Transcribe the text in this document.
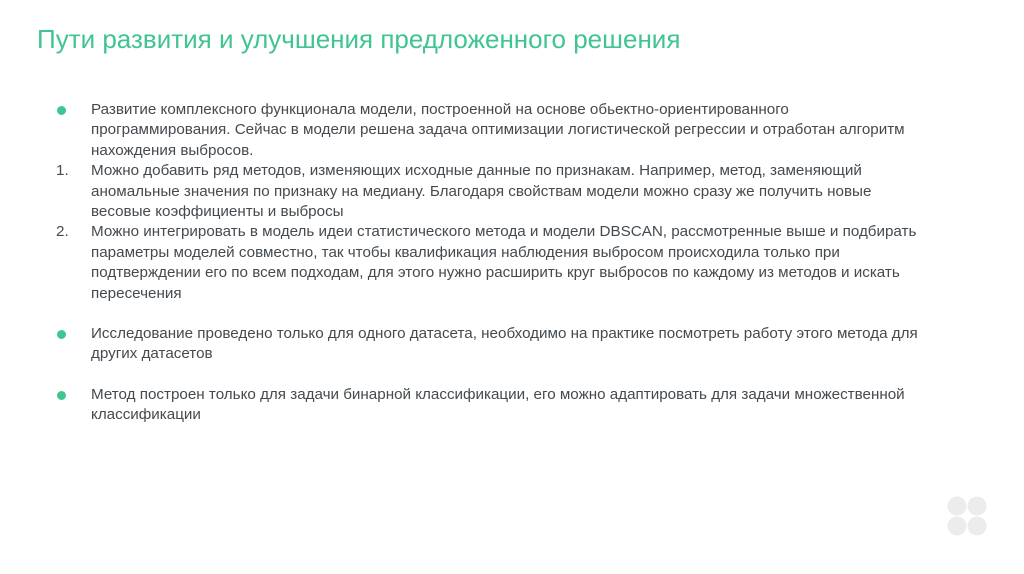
Пути развития и улучшения предложенного решения
Развитие комплексного функционала модели, построенной на основе обьектно-ориентированного программирования. Сейчас в модели решена задача оптимизации логистической регрессии и отработан алгоритм нахождения выбросов.
1. Можно добавить ряд методов, изменяющих исходные данные по признакам. Например, метод, заменяющий аномальные значения по признаку на медиану. Благодаря свойствам модели можно сразу же получить новые весовые коэффициенты и выбросы
2. Можно интегрировать в модель идеи статистического метода и модели DBSCAN, рассмотренные выше и подбирать параметры моделей совместно, так чтобы квалификация наблюдения выбросом происходила только при подтверждении его по всем подходам, для этого нужно расширить круг выбросов по каждому из методов и искать пересечения
Исследование проведено только для одного датасета, необходимо на практике посмотреть работу этого метода для других датасетов
Метод построен только для задачи бинарной классификации, его можно адаптировать для задачи множественной классификации
